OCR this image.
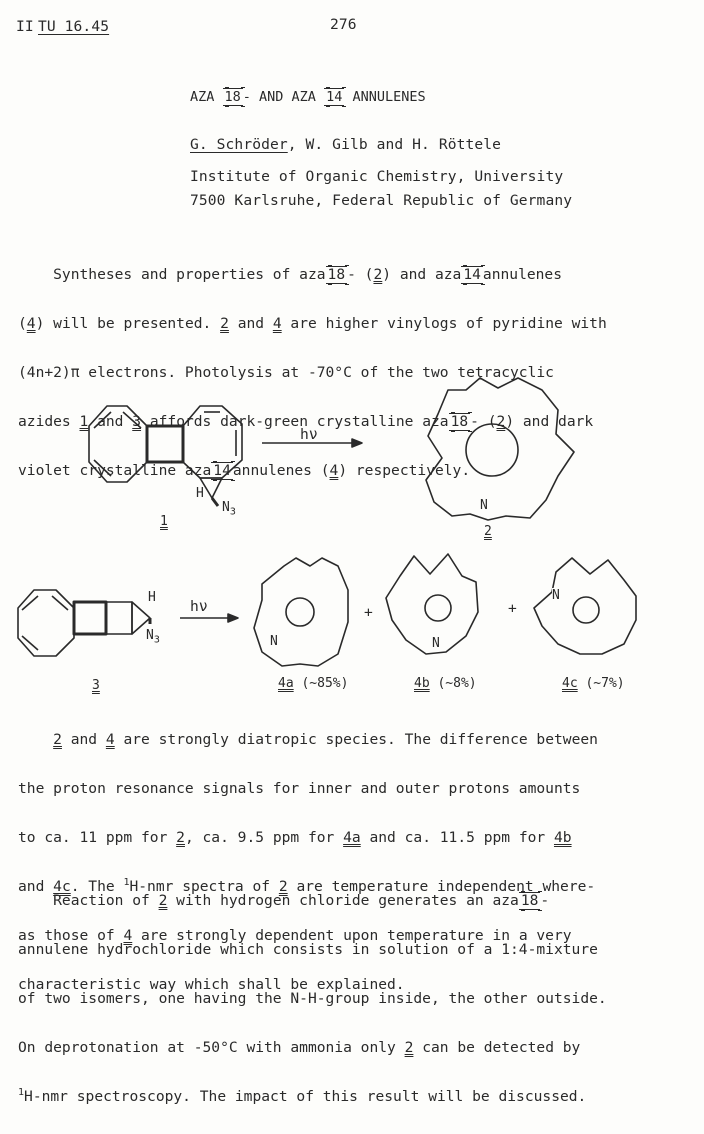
II TU 16.45	276
AZA 18 - AND AZA 14 ANNULENES
G. Schröder, W. Gilb and H. Röttele
Institute of Organic Chemistry, University
7500 Karlsruhe, Federal Republic of Germany

Syntheses and properties of aza 18 - (2) and aza 14 annulenes

(4) will be presented. 2 and 4 are higher vinylogs of pyridine with

(4n+2)π electrons. Photolysis at -70°C of the two tetracyclic

azides 1 and 3 affords dark-green crystalline aza 18 - (2) and dark

violet crystalline aza 14 annulenes (4) respectively.

hν
H
$N_3$	N
1
2
hν
H
$N_3$
3
N
+
N
+
N
4a (~85%)	4b (~8%)	4c (~7%)

2 and 4 are strongly diatropic species. The difference between

the proton resonance signals for inner and outer protons amounts

to ca. 11 ppm for 2, ca. 9.5 ppm for 4a and ca. 11.5 ppm for 4b

and 4c. The $^1$H-nmr spectra of 2 are temperature independent where-

as those of 4 are strongly dependent upon temperature in a very

characteristic way which shall be explained.

Reaction of 2 with hydrogen chloride generates an aza 18 -

annulene hydrochloride which consists in solution of a 1:4-mixture

of two isomers, one having the N-H-group inside, the other outside.

On deprotonation at -50°C with ammonia only 2 can be detected by

$^1$H-nmr spectroscopy. The impact of this result will be discussed.
